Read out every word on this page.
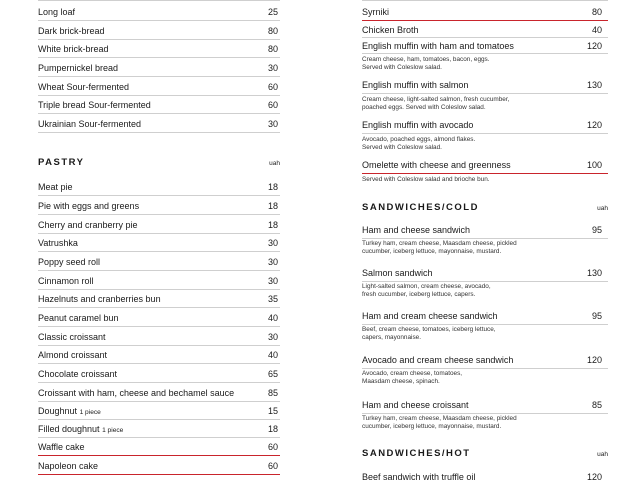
Long loaf	25
Dark brick-bread	80
White brick-bread	80
Pumpernickel bread	30
Wheat Sour-fermented	60
Triple bread Sour-fermented	60
Ukrainian Sour-fermented	30
PASTRY	uah
Meat pie	18
Pie with eggs and greens	18
Cherry and cranberry pie	18
Vatrushka	30
Poppy seed roll	30
Cinnamon roll	30
Hazelnuts and cranberries bun	35
Peanut caramel bun	40
Classic croissant	30
Almond croissant	40
Chocolate croissant	65
Croissant with ham, cheese and bechamel sauce	85
Doughnut 1 piece	15
Filled doughnut 1 piece	18
Waffle cake	60
Napoleon cake	60
Syrniki	80
Chicken Broth	40
English muffin with ham and tomatoes	120
Cream cheese, ham, tomatoes, bacon, eggs.
Served with Coleslow salad.
English muffin with salmon	130
Cream cheese, light-salted salmon, fresh cucumber,
poached eggs. Served with Coleslow salad.
English muffin with avocado	120
Avocado, poached eggs, almond flakes.
Served with Coleslow salad.
Omelette with cheese and greenness	100
Served with Coleslow salad and brioche bun.
SANDWICHES/COLD	uah
Ham and cheese sandwich	95
Turkey ham, cream cheese, Maasdam cheese, pickled
cucumber, iceberg lettuce, mayonnaise, mustard.
Salmon sandwich	130
Light-salted salmon, cream cheese, avocado,
fresh cucumber, iceberg lettuce, capers.
Ham and cream cheese sandwich	95
Beef, cream cheese, tomatoes, iceberg lettuce,
capers, mayonnaise.
Avocado and cream cheese sandwich	120
Avocado, cream cheese, tomatoes,
Maasdam cheese, spinach.
Ham and cheese croissant	85
Turkey ham, cream cheese, Maasdam cheese, pickled
cucumber, iceberg lettuce, mayonnaise, mustard.
SANDWICHES/HOT	uah
Beef sandwich with truffle oil	120
